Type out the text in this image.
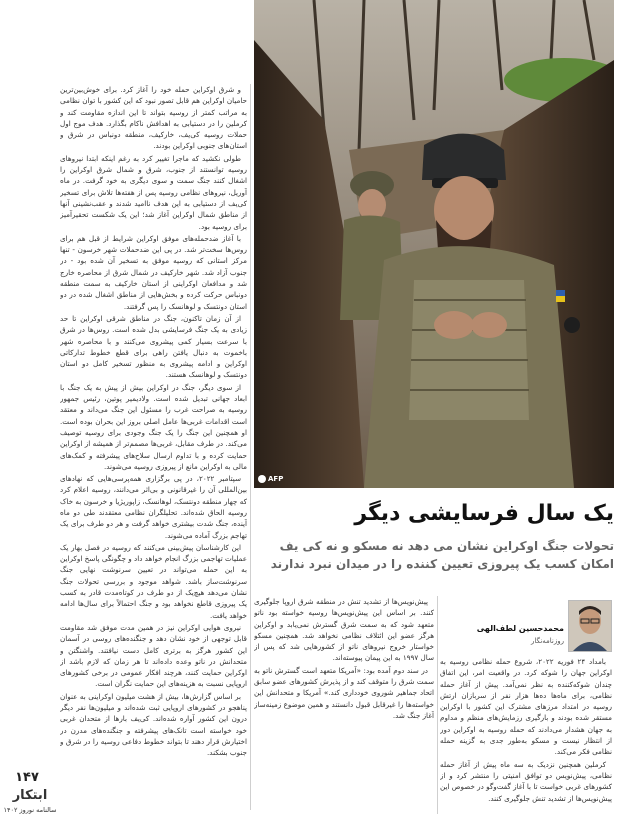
AFP
یک سال فرسایشی دیگر
تحولات جنگ اوکراین نشان می دهد نه مسکو و نه کی یف امکان کسب یک پیروزی تعیین کننده را در میدان نبرد ندارند
محمدحسین لطف‌الهی
روزنامه‌نگار

و شرق اوکراین حمله خود را آغاز کرد. برای خوش‌بین‌ترین حامیان اوکراین هم قابل تصور نبود که این کشور با توان نظامی به مراتب کمتر از روسیه بتواند تا این اندازه مقاومت کند و کرملین را در دستیابی به اهدافش ناکام بگذارد. هدف موج اول حملات روسیه کی‌یف، خارکیف، منطقه دونباس در شرق و استان‌های جنوبی اوکراین بودند.

طولی نکشید که ماجرا تغییر کرد به رغم اینکه ابتدا نیروهای روسیه توانستند از جنوب، شرق و شمال شرق اوکراین را اشغال کنند جنگ سمت و سوی دیگری به خود گرفت. در ماه آوریل، نیروهای نظامی روسیه پس از هفته‌ها تلاش برای تسخیر کی‌یف از دستیابی به این هدف ناامید شدند و عقب‌نشینی آنها از مناطق شمال اوکراین آغاز شد؛ این یک شکست تحقیرآمیز برای روسیه بود.

با آغاز ضدحمله‌های موفق اوکراین شرایط از قبل هم برای روس‌ها سخت‌تر شد. در پی این ضدحملات شهر خرسون - تنها مرکز استانی که روسیه موفق به تسخیر آن شده بود - در جنوب آزاد شد. شهر خارکیف در شمال شرق از محاصره خارج شد و مدافعان اوکراینی از استان خارکیف به سمت منطقه دونباس حرکت کرده و بخش‌هایی از مناطق اشغال شده در دو استان دونتسک و لوهانسک را پس گرفتند.

از آن زمان تاکنون، جنگ در مناطق شرقی اوکراین تا حد زیادی به یک جنگ فرسایشی بدل شده است. روس‌ها در شرق با سرعت بسیار کمی پیشروی می‌کنند و با محاصره شهر باخموت به دنبال یافتن راهی برای قطع خطوط تدارکاتی اوکراین و ادامه پیشروی به منظور تسخیر کامل دو استان دونتسک و لوهانسک هستند.

از سوی دیگر، جنگ در اوکراین بیش از پیش به یک جنگ با ابعاد جهانی تبدیل شده است. ولادیمیر پوتین، رئیس جمهور روسیه به صراحت غرب را مسئول این جنگ می‌داند و معتقد است اقدامات غربی‌ها عامل اصلی بروز این بحران بوده است. او همچنین این جنگ را یک جنگ وجودی برای روسیه توصیف می‌کند. در طرف مقابل، غربی‌ها مصمم‌تر از همیشه از اوکراین حمایت کرده و با تداوم ارسال سلاح‌های پیشرفته و کمک‌های مالی به اوکراین مانع از پیروزی روسیه می‌شوند.

سپتامبر ۲۰۲۲، در پی برگزاری همه‌پرسی‌هایی که نهادهای بین‌المللی آن را غیرقانونی و بی‌اثر می‌دانند، روسیه اعلام کرد که چهار منطقه دونتسک، لوهانسک، زاپوریژیا و خرسون به خاک روسیه الحاق شده‌اند. تحلیلگران نظامی معتقدند طی دو ماه آینده، جنگ شدت بیشتری خواهد گرفت و هر دو طرف برای یک تهاجم بزرگ آماده می‌شوند.

این کارشناسان پیش‌بینی می‌کنند که روسیه در فصل بهار یک عملیات تهاجمی بزرگ انجام خواهد داد و چگونگی پاسخ اوکراین به این حمله می‌تواند در تعیین سرنوشت نهایی جنگ سرنوشت‌ساز باشد. شواهد موجود و بررسی تحولات جنگ نشان می‌دهد هیچ‌یک از دو طرف در کوتاه‌مدت قادر به کسب یک پیروزی قاطع نخواهد بود و جنگ احتمالاً برای سال‌ها ادامه خواهد یافت.

نیروی هوایی اوکراین نیز در همین مدت موفق شد مقاومت قابل توجهی از خود نشان دهد و جنگنده‌های روسی در آسمان این کشور هرگز به برتری کامل دست نیافتند. واشنگتن و متحدانش در ناتو وعده داده‌اند تا هر زمان که لازم باشد از اوکراین حمایت کنند، هرچند افکار عمومی در برخی کشورهای اروپایی نسبت به هزینه‌های این حمایت نگران است.

بر اساس گزارش‌ها، بیش از هشت میلیون اوکراینی به عنوان پناهجو در کشورهای اروپایی ثبت شده‌اند و میلیون‌ها نفر دیگر درون این کشور آواره شده‌اند. کی‌یف بارها از متحدان غربی خود خواسته است تانک‌های پیشرفته و جنگنده‌های مدرن در اختیارش قرار دهند تا بتواند خطوط دفاعی روسیه را در شرق و جنوب بشکند.

پیش‌نویس‌ها از تشدید تنش در منطقه شرق اروپا جلوگیری کنند. بر اساس این پیش‌نویس‌ها روسیه خواسته بود ناتو متعهد شود که به سمت شرق گسترش نمی‌یابد و اوکراین هرگز عضو این ائتلاف نظامی نخواهد شد. همچنین مسکو خواستار خروج نیروهای ناتو از کشورهایی شد که پس از سال ۱۹۹۷ به این پیمان پیوسته‌اند.

در سند دوم آمده بود: «آمریکا متعهد است گسترش ناتو به سمت شرق را متوقف کند و از پذیرش کشورهای عضو سابق اتحاد جماهیر شوروی خودداری کند.» آمریکا و متحدانش این خواسته‌ها را غیرقابل قبول دانستند و همین موضوع زمینه‌ساز آغاز جنگ شد.

بامداد ۲۴ فوریه ۲۰۲۲، شروع حمله نظامی روسیه به اوکراین جهان را شوکه کرد. در واقعیت امر، این اتفاق چندان شوکه‌کننده به نظر نمی‌آمد. پیش از آغاز حمله نظامی، برای ماه‌ها ده‌ها هزار نفر از سربازان ارتش روسیه در امتداد مرزهای مشترک این کشور با اوکراین مستقر شده بودند و بارگیری رزمایش‌های منظم و مداوم به جهان هشدار می‌دادند که حمله روسیه به اوکراین دور از انتظار نیست و مسکو به‌طور جدی به گزینه حمله نظامی فکر می‌کند.

کرملین همچنین نزدیک به سه ماه پیش از آغاز حمله نظامی، پیش‌نویس دو توافق امنیتی را منتشر کرد و از کشورهای غربی خواست تا با آغاز گفت‌وگو در خصوص این پیش‌نویس‌ها از تشدید تنش جلوگیری کنند.

۱۴۷
ابتکار
سالنامه نوروز ۱۴۰۲
